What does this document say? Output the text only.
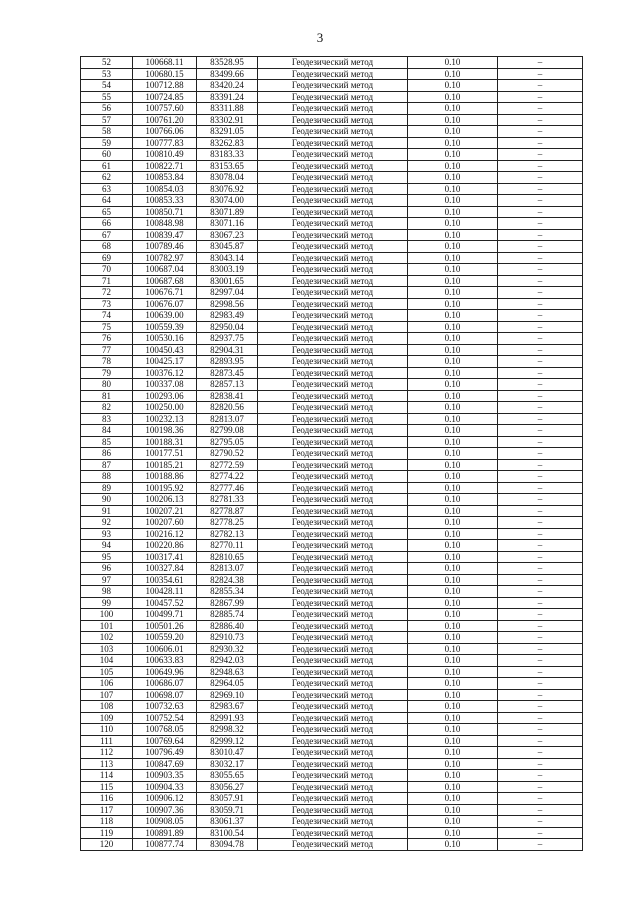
3
52	100668.11	83528.95	Геодезический метод	0.10	–
53	100680.15	83499.66	Геодезический метод	0.10	–
54	100712.88	83420.24	Геодезический метод	0.10	–
55	100724.85	83391.24	Геодезический метод	0.10	–
56	100757.60	83311.88	Геодезический метод	0.10	–
57	100761.20	83302.91	Геодезический метод	0.10	–
58	100766.06	83291.05	Геодезический метод	0.10	–
59	100777.83	83262.83	Геодезический метод	0.10	–
60	100810.49	83183.33	Геодезический метод	0.10	–
61	100822.71	83153.65	Геодезический метод	0.10	–
62	100853.84	83078.04	Геодезический метод	0.10	–
63	100854.03	83076.92	Геодезический метод	0.10	–
64	100853.33	83074.00	Геодезический метод	0.10	–
65	100850.71	83071.89	Геодезический метод	0.10	–
66	100848.98	83071.16	Геодезический метод	0.10	–
67	100839.47	83067.23	Геодезический метод	0.10	–
68	100789.46	83045.87	Геодезический метод	0.10	–
69	100782.97	83043.14	Геодезический метод	0.10	–
70	100687.04	83003.19	Геодезический метод	0.10	–
71	100687.68	83001.65	Геодезический метод	0.10	–
72	100676.71	82997.04	Геодезический метод	0.10	–
73	100676.07	82998.56	Геодезический метод	0.10	–
74	100639.00	82983.49	Геодезический метод	0.10	–
75	100559.39	82950.04	Геодезический метод	0.10	–
76	100530.16	82937.75	Геодезический метод	0.10	–
77	100450.43	82904.31	Геодезический метод	0.10	–
78	100425.17	82893.95	Геодезический метод	0.10	–
79	100376.12	82873.45	Геодезический метод	0.10	–
80	100337.08	82857.13	Геодезический метод	0.10	–
81	100293.06	82838.41	Геодезический метод	0.10	–
82	100250.00	82820.56	Геодезический метод	0.10	–
83	100232.13	82813.07	Геодезический метод	0.10	–
84	100198.36	82799.08	Геодезический метод	0.10	–
85	100188.31	82795.05	Геодезический метод	0.10	–
86	100177.51	82790.52	Геодезический метод	0.10	–
87	100185.21	82772.59	Геодезический метод	0.10	–
88	100188.86	82774.22	Геодезический метод	0.10	–
89	100195.92	82777.46	Геодезический метод	0.10	–
90	100206.13	82781.33	Геодезический метод	0.10	–
91	100207.21	82778.87	Геодезический метод	0.10	–
92	100207.60	82778.25	Геодезический метод	0.10	–
93	100216.12	82782.13	Геодезический метод	0.10	–
94	100220.86	82770.11	Геодезический метод	0.10	–
95	100317.41	82810.65	Геодезический метод	0.10	–
96	100327.84	82813.07	Геодезический метод	0.10	–
97	100354.61	82824.38	Геодезический метод	0.10	–
98	100428.11	82855.34	Геодезический метод	0.10	–
99	100457.52	82867.99	Геодезический метод	0.10	–
100	100499.71	82885.74	Геодезический метод	0.10	–
101	100501.26	82886.40	Геодезический метод	0.10	–
102	100559.20	82910.73	Геодезический метод	0.10	–
103	100606.01	82930.32	Геодезический метод	0.10	–
104	100633.83	82942.03	Геодезический метод	0.10	–
105	100649.96	82948.63	Геодезический метод	0.10	–
106	100686.07	82964.05	Геодезический метод	0.10	–
107	100698.07	82969.10	Геодезический метод	0.10	–
108	100732.63	82983.67	Геодезический метод	0.10	–
109	100752.54	82991.93	Геодезический метод	0.10	–
110	100768.05	82998.32	Геодезический метод	0.10	–
111	100769.64	82999.12	Геодезический метод	0.10	–
112	100796.49	83010.47	Геодезический метод	0.10	–
113	100847.69	83032.17	Геодезический метод	0.10	–
114	100903.35	83055.65	Геодезический метод	0.10	–
115	100904.33	83056.27	Геодезический метод	0.10	–
116	100906.12	83057.91	Геодезический метод	0.10	–
117	100907.36	83059.71	Геодезический метод	0.10	–
118	100908.05	83061.37	Геодезический метод	0.10	–
119	100891.89	83100.54	Геодезический метод	0.10	–
120	100877.74	83094.78	Геодезический метод	0.10	–
